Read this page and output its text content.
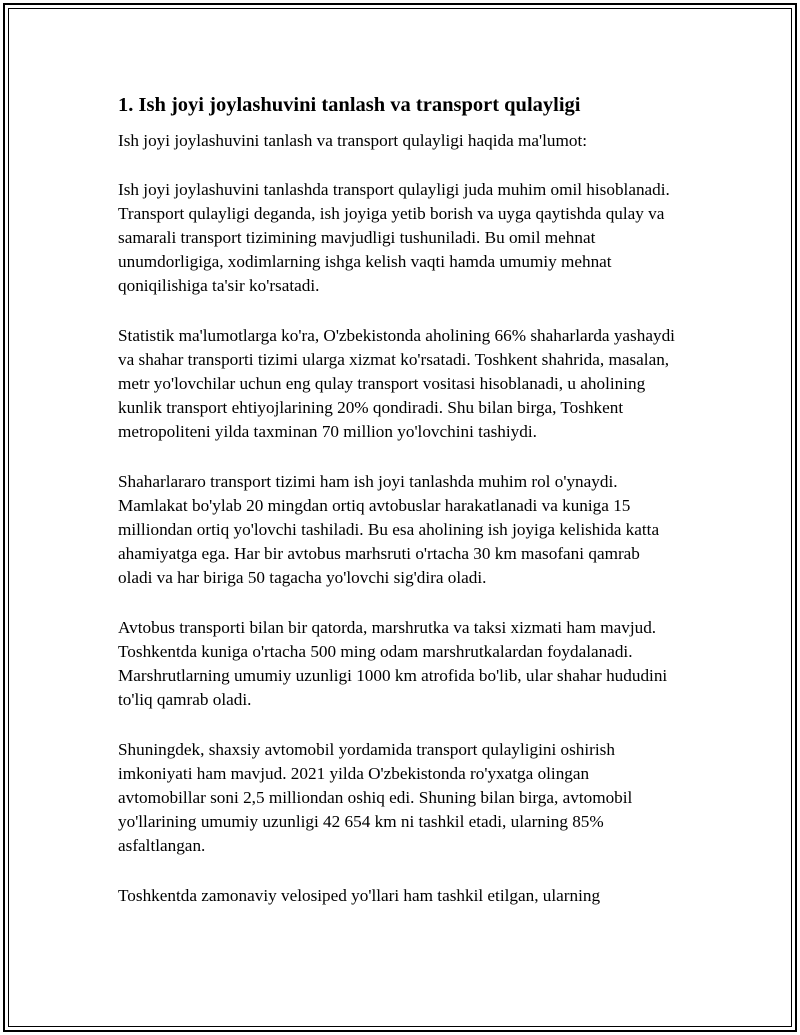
1. Ish joyi joylashuvini tanlash va transport qulayligi

Ish joyi joylashuvini tanlash va transport qulayligi haqida ma'lumot:

Ish joyi joylashuvini tanlashda transport qulayligi juda muhim omil hisoblanadi. Transport qulayligi deganda, ish joyiga yetib borish va uyga qaytishda qulay va samarali transport tizimining mavjudligi tushuniladi. Bu omil mehnat unumdorligiga, xodimlarning ishga kelish vaqti hamda umumiy mehnat qoniqilishiga ta'sir ko'rsatadi.

Statistik ma'lumotlarga ko'ra, O'zbekistonda aholining 66% shaharlarda yashaydi va shahar transporti tizimi ularga xizmat ko'rsatadi. Toshkent shahrida, masalan, metr yo'lovchilar uchun eng qulay transport vositasi hisoblanadi, u aholining kunlik transport ehtiyojlarining 20% qondiradi. Shu bilan birga, Toshkent metropoliteni yilda taxminan 70 million yo'lovchini tashiydi.

Shaharlararo transport tizimi ham ish joyi tanlashda muhim rol o'ynaydi. Mamlakat bo'ylab 20 mingdan ortiq avtobuslar harakatlanadi va kuniga 15 milliondan ortiq yo'lovchi tashiladi. Bu esa aholining ish joyiga kelishida katta ahamiyatga ega. Har bir avtobus marhsruti o'rtacha 30 km masofani qamrab oladi va har biriga 50 tagacha yo'lovchi sig'dira oladi.

Avtobus transporti bilan bir qatorda, marshrutka va taksi xizmati ham mavjud. Toshkentda kuniga o'rtacha 500 ming odam marshrutkalardan foydalanadi. Marshrutlarning umumiy uzunligi 1000 km atrofida bo'lib, ular shahar hududini to'liq qamrab oladi.

Shuningdek, shaxsiy avtomobil yordamida transport qulayligini oshirish imkoniyati ham mavjud. 2021 yilda O'zbekistonda ro'yxatga olingan avtomobillar soni 2,5 milliondan oshiq edi. Shuning bilan birga, avtomobil yo'llarining umumiy uzunligi 42 654 km ni tashkil etadi, ularning 85% asfaltlangan.

Toshkentda zamonaviy velosiped yo'llari ham tashkil etilgan, ularning
